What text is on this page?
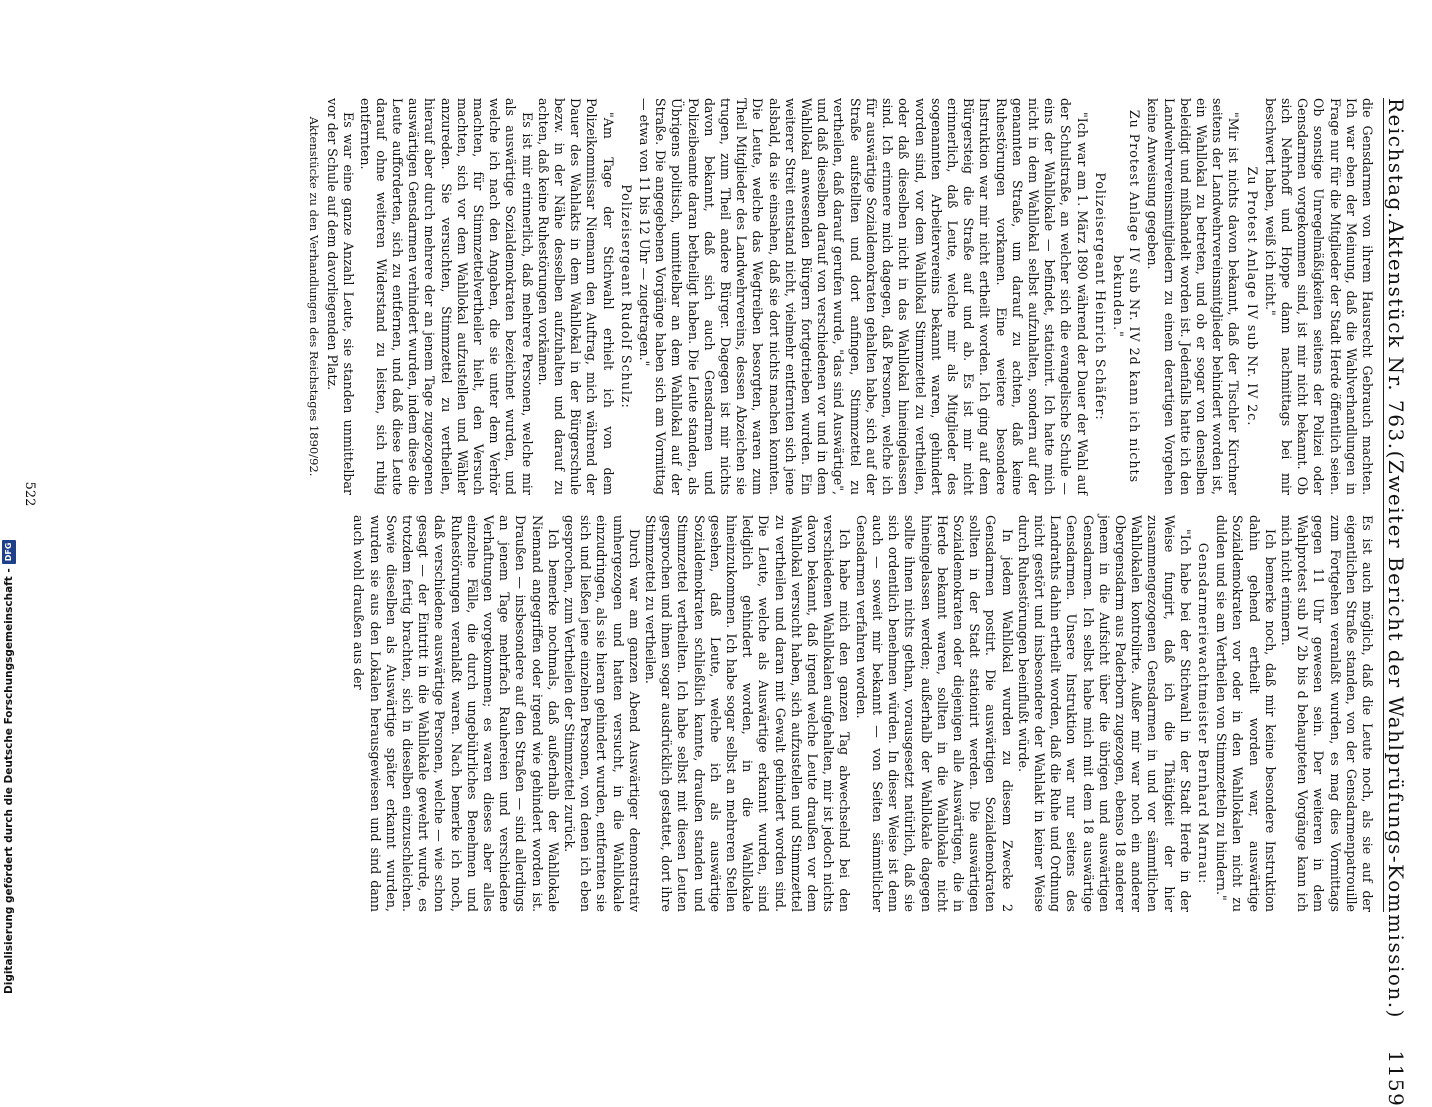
Reichstag.
Aktenstück Nr. 763.
(Zweiter Bericht der Wahlprüfungs-Kommission.)    1159

die Gensdarmen von ihrem Hausrecht Gebrauch machten. Ich war eben der Meinung, daß die Wahlverhandlungen in Frage nur für die Mitglieder der Stadt Herde öffentlich seien. Ob sonstige Unregelmäßigkeiten seitens der Polizei oder Gensdarmen vorgekommen sind, ist mir nicht bekannt. Ob sich Nehrhoff und Hoppe dann nachmittags bei mir beschwert haben, weiß ich nicht."

Zu Protest Anlage IV sub Nr. IV 2c.

"Mir ist nichts davon bekannt, daß der Tischler Kirchner seitens der Landwehrvereinsmitglieder behindert worden ist, ein Wahllokal zu betreten, und ob er sogar von denselben beleidigt und mißhandelt worden ist. Jedenfalls hatte ich den Landwehrvereinsmitgliedern zu einem derartigen Vorgehen keine Anweisung gegeben.

Zu Protest Anlage IV sub Nr. IV 2d kann ich nichts bekunden."

Polizeisergeant Heinrich Schäfer:

"Ich war am 1. März 1890 während der Dauer der Wahl auf der Schulstraße, an welcher sich die evangelische Schule — eins der Wahllokale — befindet, stationirt. Ich hatte mich nicht in dem Wahllokal selbst aufzuhalten, sondern auf der genannten Straße, um darauf zu achten, daß keine Ruhestörungen vorkamen. Eine weitere besondere Instruktion war mir nicht ertheilt worden. Ich ging auf dem Bürgersteig die Straße auf und ab. Es ist mir nicht erinnerlich, daß Leute, welche mir als Mitglieder des sogenannten Arbeitervereins bekannt waren, gehindert worden sind, vor dem Wahllokal Stimmzettel zu vertheilen, oder daß dieselben nicht in das Wahllokal hineingelassen sind. Ich erinnere mich dagegen, daß Personen, welche ich für auswärtige Sozialdemokraten gehalten habe, sich auf der Straße aufstellten und dort anfingen, Stimmzettel zu vertheilen, daß darauf gerufen wurde, "das sind Auswärtige", und daß dieselben darauf von verschiedenen vor und in dem Wahllokal anwesenden Bürgern fortgetrieben wurden. Ein weiterer Streit entstand nicht, vielmehr entfernten sich jene alsbald, da sie einsahen, daß sie dort nichts machen konnten. Die Leute, welche das Wegtreiben besorgten, waren zum Theil Mitglieder des Landwehrvereins, dessen Abzeichen sie trugen, zum Theil andere Bürger. Dagegen ist mir nichts davon bekannt, daß sich auch Gensdarmen und Polizeibeamte daran betheiligt haben. Die Leute standen, als Übrigens politisch, unmittelbar an dem Wahllokal auf der Straße. Die angegebenen Vorgänge haben sich am Vormittag — etwa von 11 bis 12 Uhr — zugetragen."

Polizeisergeant Rudolf Schulz:

"Am Tage der Stichwahl erhielt ich von dem Polizeikommissar Niemann den Auftrag, mich während der Dauer des Wahlakts in dem Wahllokal in der Bürgerschule bezw. in der Nähe desselben aufzuhalten und darauf zu achten, daß keine Ruhestörungen vorkämen.

Es ist mir erinnerlich, daß mehrere Personen, welche mir als auswärtige Sozialdemokraten bezeichnet wurden, und welche ich nach den Angaben, die sie unter dem Verhör machten, für Stimmzettelvertheiler hielt, den Versuch machten, sich vor dem Wahllokal aufzustellen und Wähler anzureden. Sie versuchten, Stimmzettel zu vertheilen, hierauf aber durch mehrere der an jenem Tage zugezogenen auswärtigen Gensdarmen verhindert wurden, indem diese die Leute aufforderten, sich zu entfernen, und daß diese Leute darauf ohne weiteren Widerstand zu leisten, sich ruhig entfernten.

Es war eine ganze Anzahl Leute, sie standen unmittelbar vor der Schule auf dem davorliegenden Platz.

Aktenstücke zu den Verhandlungen des Reichstages 1890/92.

Es ist auch möglich, daß die Leute noch, als sie auf der eigentlichen Straße standen, von der Gensdarmenpatrouille zum Fortgehen veranlaßt wurden, es mag dies Vormittags gegen 11 Uhr gewesen sein. Der weiteren in dem Wahlprotest sub IV 2b bis d behaupteten Vorgänge kann ich mich nicht erinnern.

Ich bemerke noch, daß mir keine besondere Instruktion dahin gehend ertheilt worden war, auswärtige Sozialdemokraten vor oder in den Wahllokalen nicht zu dulden und sie am Vertheilen von Stimmzetteln zu hindern."

Gensdarmeriewachtmeister Bernhard Marnau:

"Ich habe bei der Stichwahl in der Stadt Herde in der Weise fungirt, daß ich die Thätigkeit der hier zusammengezogenen Gensdarmen in und vor sämmtlichen Wahllokalen kontrolirte. Außer mir war noch ein anderer Obergensdarm aus Paderborn zugezogen, ebenso 18 anderer jenem in die Aufsicht über die übrigen und auswärtigen Gensdarmen. Ich selbst habe mich mit dem 18 auswärtige Gensdarmen. Unsere Instruktion war nur seitens des Landraths dahin ertheilt worden, daß die Ruhe und Ordnung nicht gestört und insbesondere der Wahlakt in keiner Weise durch Ruhestörungen beeinflußt würde.

In jedem Wahllokal wurden zu diesem Zwecke 2 Gensdarmen postirt. Die auswärtigen Sozialdemokraten sollten in der Stadt stationirt werden. Die auswärtigen Sozialdemokraten oder diejenigen alle Auswärtigen, die in Herde bekannt waren, sollten in die Wahllokale nicht hineingelassen werden; außerhalb der Wahllokale dagegen sollte ihnen nichts gethan, vorausgesetzt natürlich, daß sie sich ordentlich benehmen würden. In dieser Weise ist denn auch — soweit mir bekannt — von Seiten sämmtlicher Gensdarmen verfahren worden.

Ich habe mich den ganzen Tag abwechselnd bei den verschiedenen Wahllokalen aufgehalten, mir ist jedoch nichts davon bekannt, daß irgend welche Leute draußen vor dem Wahllokal versucht haben, sich aufzustellen und Stimmzettel zu vertheilen und daran mit Gewalt gehindert worden sind. Die Leute, welche als Auswärtige erkannt wurden, sind lediglich gehindert worden, in die Wahllokale hineinzukommen. Ich habe sogar selbst an mehreren Stellen gesehen, daß Leute, welche ich als auswärtige Sozialdemokraten schließlich kannte, draußen standen und Stimmzettel vertheilten. Ich habe selbst mit diesen Leuten gesprochen und ihnen sogar ausdrücklich gestattet, dort ihre Stimmzettel zu vertheilen.

Durch war am ganzen Abend Auswärtiger demonstrativ umhergezogen und hatten versucht, in die Wahllokale einzudringen, als sie hieran gehindert wurden, entfernten sie sich und ließen jene einzelnen Personen, von denen ich eben gesprochen, zum Vertheilen der Stimmzettel zurück.

Ich bemerke nochmals, daß außerhalb der Wahllokale Niemand angegriffen oder irgend wie gehindert worden ist. Draußen — insbesondere auf den Straßen — sind allerdings an jenem Tage mehrfach Rauhereien und verschiedene Verhaftungen vorgekommen; es waren dieses aber alles einzelne Fälle, die durch ungebührliches Benehmen und Ruhestörungen veranlaßt waren. Nach bemerke ich noch, daß verschiedene auswärtige Personen, welche — wie schon gesagt — der Eintritt in die Wahllokale gewehrt wurde, es trotzdem fertig brachten, sich in dieselben einzuschleichen. Sowie dieselben als Auswärtige später erkannt wurden, wurden sie aus den Lokalen herausgewiesen und sind dann auch wohl draußen aus der

522
Digitalisierung gefördert durch die Deutsche Forschungsgemeinschaft -DFG
